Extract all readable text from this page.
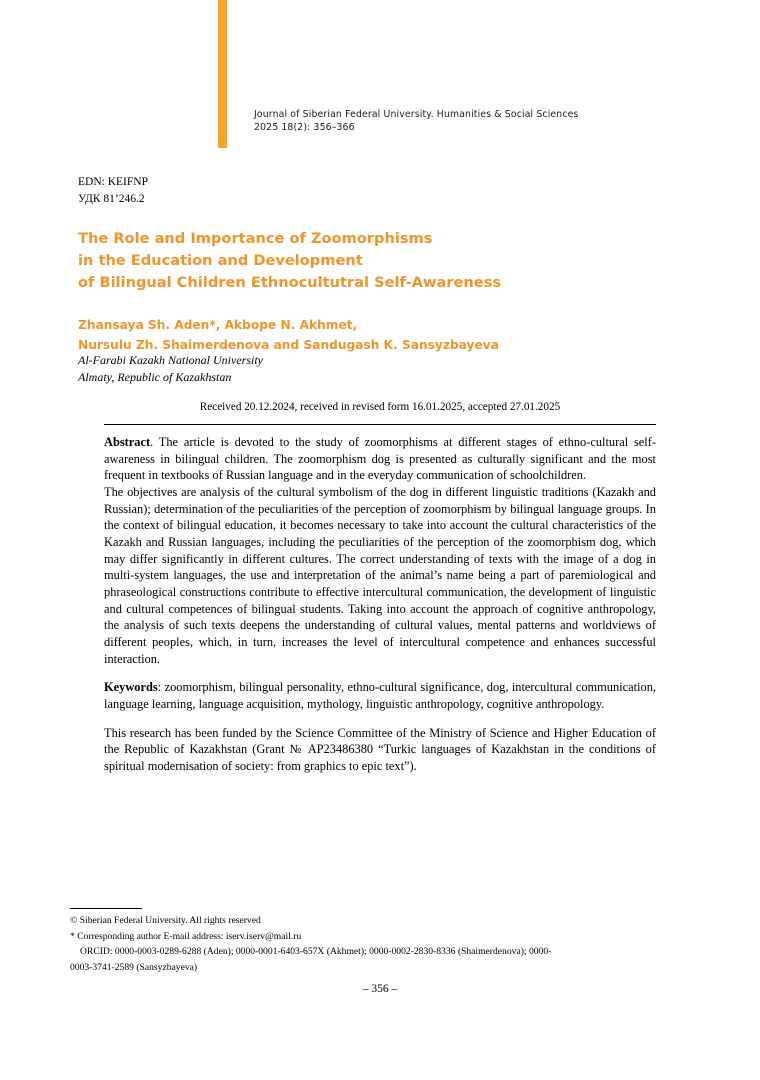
Journal of Siberian Federal University. Humanities & Social Sciences
2025 18(2): 356–366
EDN: KEIFNP
УДК 81’246.2
The Role and Importance of Zoomorphisms
in the Education and Development
of Bilingual Children Ethnocultutral Self-Awareness
Zhansaya Sh. Aden*, Akbope N. Akhmet,
Nursulu Zh. Shaimerdenova and Sandugash K. Sansyzbayeva
Al-Farabi Kazakh National University
Almaty, Republic of Kazakhstan
Received 20.12.2024, received in revised form 16.01.2025, accepted 27.01.2025

Abstract. The article is devoted to the study of zoomorphisms at different stages of ethno-cultural self-awareness in bilingual children. The zoomorphism dog is presented as culturally significant and the most frequent in textbooks of Russian language and in the everyday communication of schoolchildren.

The objectives are analysis of the cultural symbolism of the dog in different linguistic traditions (Kazakh and Russian); determination of the peculiarities of the perception of zoomorphism by bilingual language groups. In the context of bilingual education, it becomes necessary to take into account the cultural characteristics of the Kazakh and Russian languages, including the peculiarities of the perception of the zoomorphism dog, which may differ significantly in different cultures. The correct understanding of texts with the image of a dog in multi-system languages, the use and interpretation of the animal’s name being a part of paremiological and phraseological constructions contribute to effective intercultural communication, the development of linguistic and cultural competences of bilingual students. Taking into account the approach of cognitive anthropology, the analysis of such texts deepens the understanding of cultural values, mental patterns and worldviews of different peoples, which, in turn, increases the level of intercultural competence and enhances successful interaction.

Keywords: zoomorphism, bilingual personality, ethno-cultural significance, dog, intercultural communication, language learning, language acquisition, mythology, linguistic anthropology, cognitive anthropology.

This research has been funded by the Science Committee of the Ministry of Science and Higher Education of the Republic of Kazakhstan (Grant № AP23486380 “Turkic languages of Kazakhstan in the conditions of spiritual modernisation of society: from graphics to epic text”).

© Siberian Federal University. All rights reserved
* Corresponding author E-mail address: iserv.iserv@mail.ru
ORCID: 0000-0003-0289-6288 (Aden); 0000-0001-6403-657X (Akhmet); 0000-0002-2830-8336 (Shaimerdenova); 0000-
0003-3741-2589 (Sansyzbayeva)
– 356 –
